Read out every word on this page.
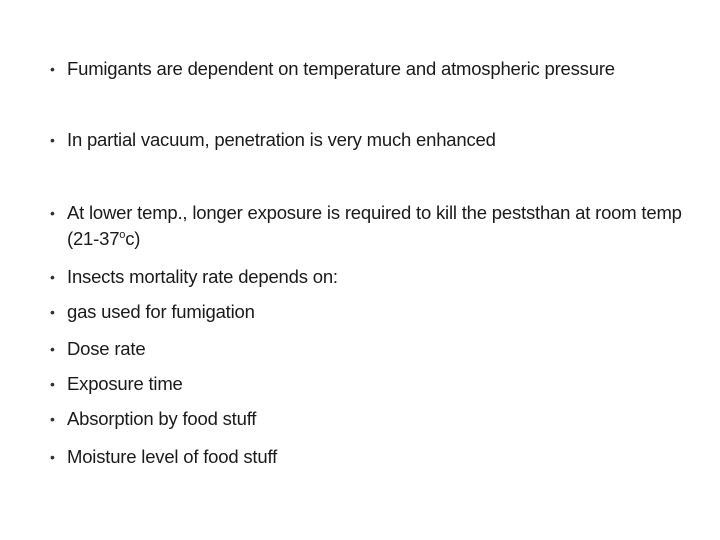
• Fumigants are dependent on temperature and atmospheric pressure
• In partial vacuum, penetration is very much enhanced
• At lower temp., longer exposure is required to kill the peststhan at room temp (21-37$^o$c)
• Insects mortality rate depends on:
• gas used for fumigation
• Dose rate
• Exposure time
• Absorption by food stuff
• Moisture level of food stuff
